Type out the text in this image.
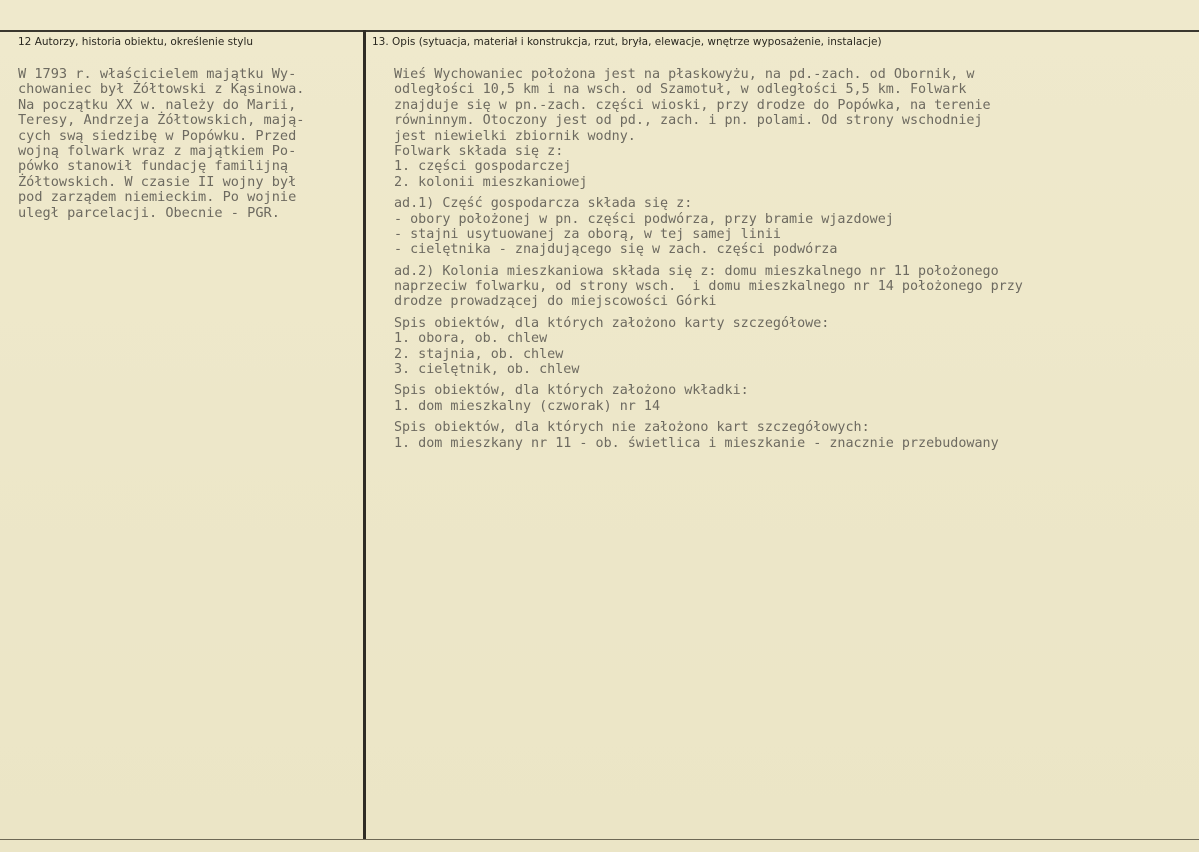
12 Autorzy, historia obiektu, określenie stylu	13. Opis (sytuacja, materiał i konstrukcja, rzut, bryła, elewacje, wnętrze wyposażenie, instalacje)
W 1793 r. właścicielem majątku Wy-
chowaniec był Żółtowski z Kąsinowa.
Na początku XX w. należy do Marii,
Teresy, Andrzeja Żółtowskich, mają-
cych swą siedzibę w Popówku. Przed
wojną folwark wraz z majątkiem Po-
pówko stanowił fundację familijną
Żółtowskich. W czasie II wojny był
pod zarządem niemieckim. Po wojnie
uległ parcelacji. Obecnie - PGR.
Wieś Wychowaniec położona jest na płaskowyżu, na pd.-zach. od Obornik, w
odległości 10,5 km i na wsch. od Szamotuł, w odległości 5,5 km. Folwark
znajduje się w pn.-zach. części wioski, przy drodze do Popówka, na terenie
równinnym. Otoczony jest od pd., zach. i pn. polami. Od strony wschodniej
jest niewielki zbiornik wodny.
Folwark składa się z:
1. części gospodarczej
2. kolonii mieszkaniowej
ad.1) Część gospodarcza składa się z:
- obory położonej w pn. części podwórza, przy bramie wjazdowej
- stajni usytuowanej za oborą, w tej samej linii
- cielętnika - znajdującego się w zach. części podwórza
ad.2) Kolonia mieszkaniowa składa się z: domu mieszkalnego nr 11 położonego
naprzeciw folwarku, od strony wsch.  i domu mieszkalnego nr 14 położonego przy
drodze prowadzącej do miejscowości Górki
Spis obiektów, dla których założono karty szczegółowe:
1. obora, ob. chlew
2. stajnia, ob. chlew
3. cielętnik, ob. chlew
Spis obiektów, dla których założono wkładki:
1. dom mieszkalny (czworak) nr 14
Spis obiektów, dla których nie założono kart szczegółowych:
1. dom mieszkany nr 11 - ob. świetlica i mieszkanie - znacznie przebudowany
